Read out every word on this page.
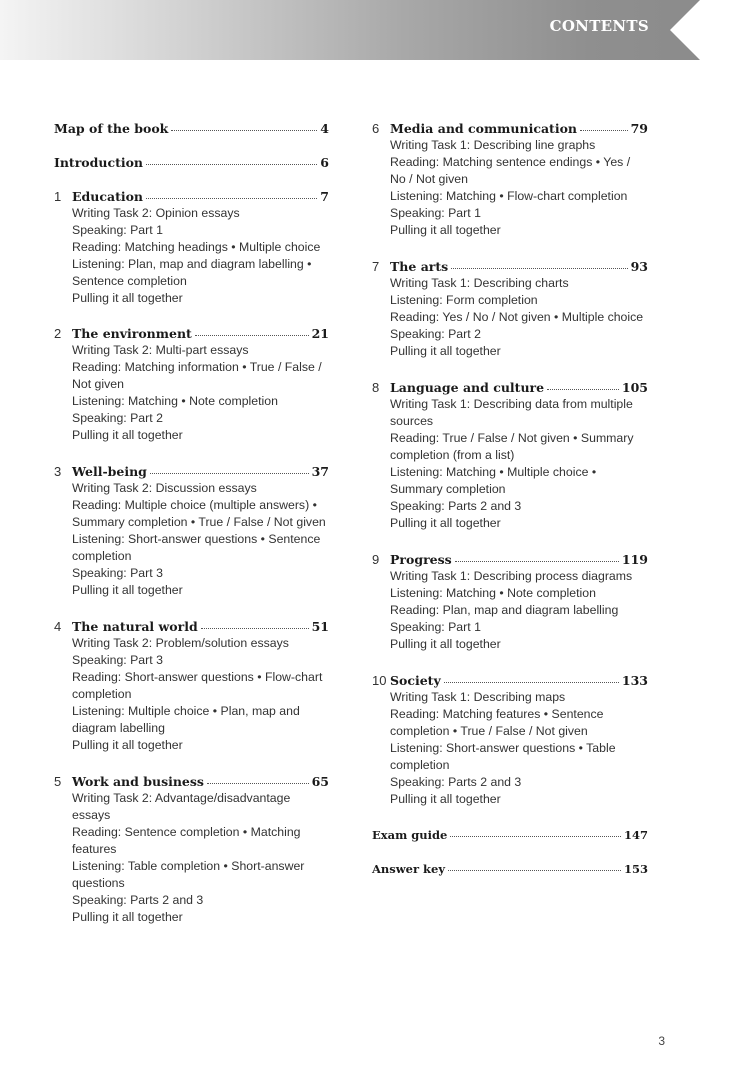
CONTENTS
Map of the book	4
Introduction	6
1 Education	7
Writing Task 2: Opinion essays
Speaking: Part 1
Reading: Matching headings • Multiple choice
Listening: Plan, map and diagram labelling •
Sentence completion
Pulling it all together
2 The environment	21
Writing Task 2: Multi-part essays
Reading: Matching information • True / False /
Not given
Listening: Matching • Note completion
Speaking: Part 2
Pulling it all together
3 Well-being	37
Writing Task 2: Discussion essays
Reading: Multiple choice (multiple answers) •
Summary completion • True / False / Not given
Listening: Short-answer questions • Sentence
completion
Speaking: Part 3
Pulling it all together
4 The natural world	51
Writing Task 2: Problem/solution essays
Speaking: Part 3
Reading: Short-answer questions • Flow-chart
completion
Listening: Multiple choice • Plan, map and
diagram labelling
Pulling it all together
5 Work and business	65
Writing Task 2: Advantage/disadvantage essays
Reading: Sentence completion • Matching
features
Listening: Table completion • Short-answer
questions
Speaking: Parts 2 and 3
Pulling it all together
6 Media and communication	79
Writing Task 1: Describing line graphs
Reading: Matching sentence endings • Yes /
No / Not given
Listening: Matching • Flow-chart completion
Speaking: Part 1
Pulling it all together
7 The arts	93
Writing Task 1: Describing charts
Listening: Form completion
Reading: Yes / No / Not given • Multiple choice
Speaking: Part 2
Pulling it all together
8 Language and culture	105
Writing Task 1: Describing data from multiple
sources
Reading: True / False / Not given • Summary
completion (from a list)
Listening: Matching • Multiple choice •
Summary completion
Speaking: Parts 2 and 3
Pulling it all together
9 Progress	119
Writing Task 1: Describing process diagrams
Listening: Matching • Note completion
Reading: Plan, map and diagram labelling
Speaking: Part 1
Pulling it all together
10 Society	133
Writing Task 1: Describing maps
Reading: Matching features • Sentence
completion • True / False / Not given
Listening: Short-answer questions • Table
completion
Speaking: Parts 2 and 3
Pulling it all together
Exam guide	147
Answer key	153
3
